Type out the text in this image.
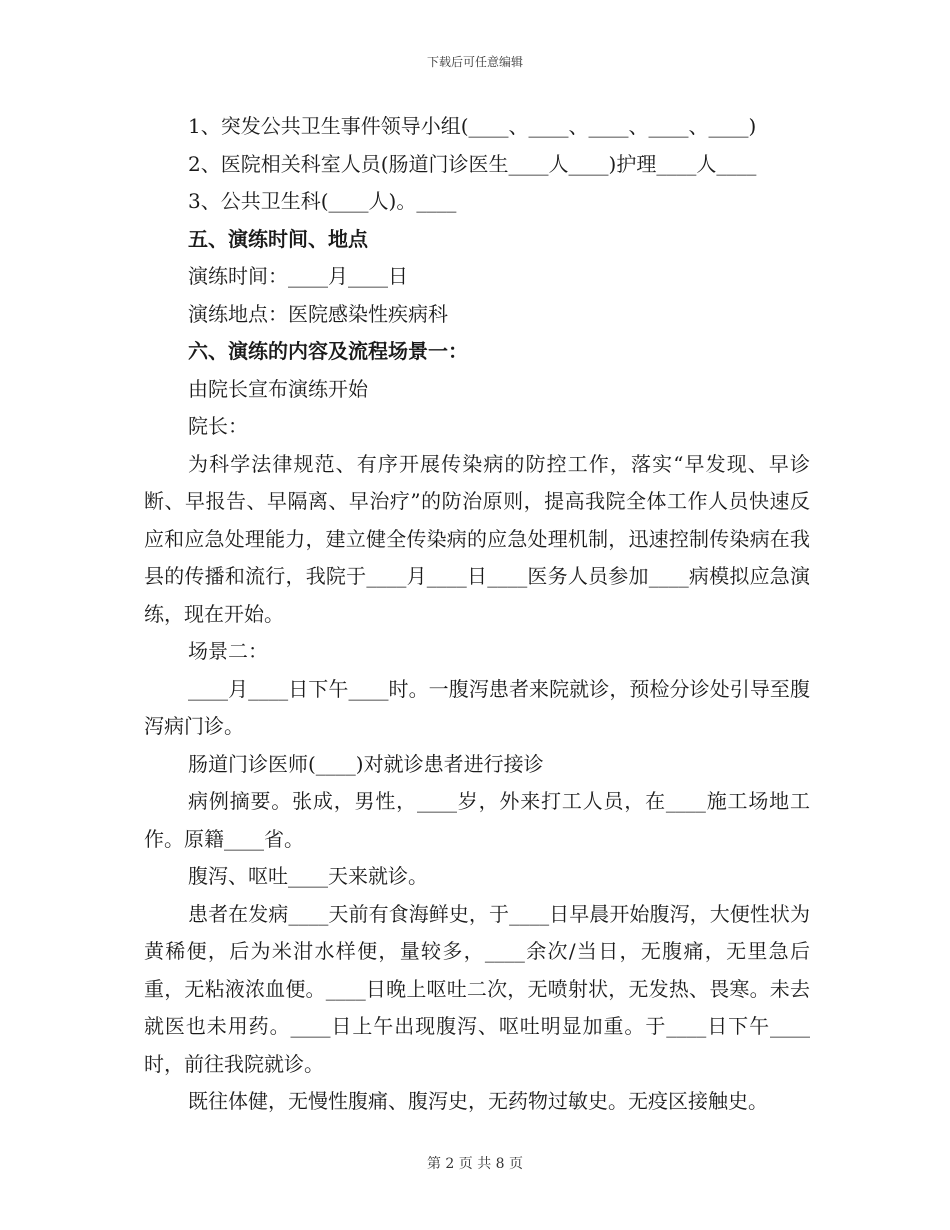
下载后可任意编辑

1、突发公共卫生事件领导小组(____、____、____、____、____)

2、医院相关科室人员(肠道门诊医生____人____)护理____人____

3、公共卫生科(____人)。____

五、演练时间、地点

演练时间：____月____日

演练地点：医院感染性疾病科

六、演练的内容及流程场景一：

由院长宣布演练开始

院长：

为科学法律规范、有序开展传染病的防控工作，落实“早发现、早诊断、早报告、早隔离、早治疗”的防治原则，提高我院全体工作人员快速反应和应急处理能力，建立健全传染病的应急处理机制，迅速控制传染病在我县的传播和流行，我院于____月____日____医务人员参加____病模拟应急演练，现在开始。

场景二：

____月____日下午____时。一腹泻患者来院就诊，预检分诊处引导至腹泻病门诊。

肠道门诊医师(____)对就诊患者进行接诊

病例摘要。张成，男性，____岁，外来打工人员，在____施工场地工作。原籍____省。

腹泻、呕吐____天来就诊。

患者在发病____天前有食海鲜史，于____日早晨开始腹泻，大便性状为黄稀便，后为米泔水样便，量较多，____余次/当日，无腹痛，无里急后重，无粘液浓血便。____日晚上呕吐二次，无喷射状，无发热、畏寒。未去就医也未用药。____日上午出现腹泻、呕吐明显加重。于____日下午____时，前往我院就诊。

既往体健，无慢性腹痛、腹泻史，无药物过敏史。无疫区接触史。

第 2 页 共 8 页
